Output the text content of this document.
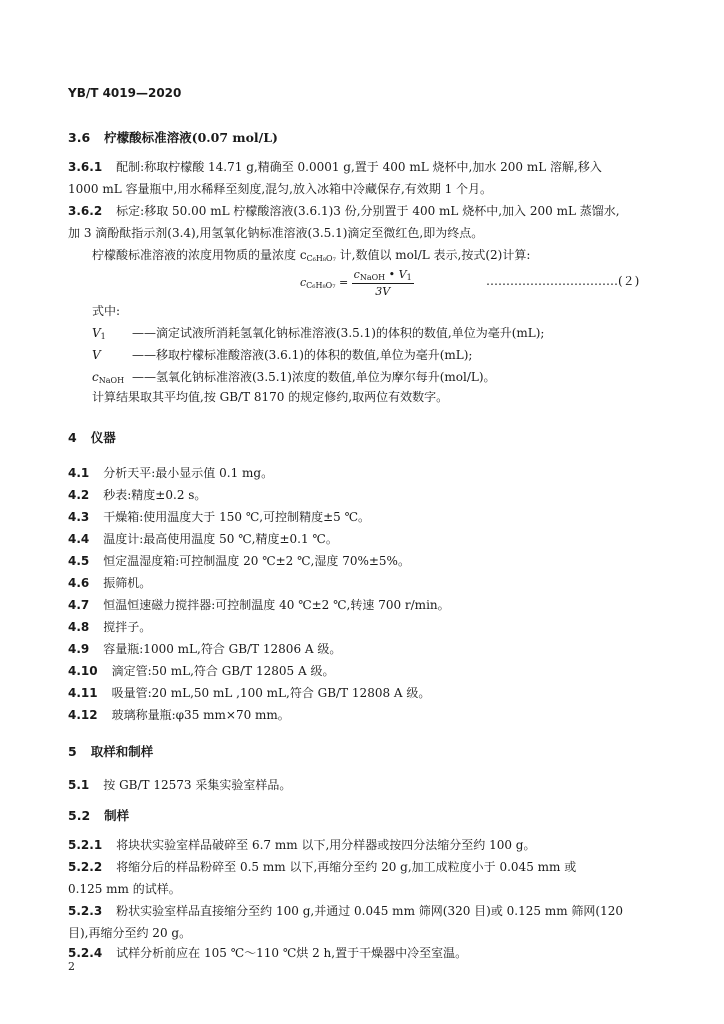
YB/T 4019—2020
3.6 柠檬酸标准溶液(0.07 mol/L)
3.6.1 配制:称取柠檬酸 14.71 g,精确至 0.0001 g,置于 400 mL 烧杯中,加水 200 mL 溶解,移入
1000 mL 容量瓶中,用水稀释至刻度,混匀,放入冰箱中冷藏保存,有效期 1 个月。
3.6.2 标定:移取 50.00 mL 柠檬酸溶液(3.6.1)3 份,分别置于 400 mL 烧杯中,加入 200 mL 蒸馏水,
加 3 滴酚酞指示剂(3.4),用氢氧化钠标准溶液(3.5.1)滴定至微红色,即为终点。
柠檬酸标准溶液的浓度用物质的量浓度 $c_{C_6H_8O_7}$ 计,数值以 mol/L 表示,按式(2)计算:
$c_{C_6H_8O_7} = \frac{c_{NaOH} • V_1}{3V}$	……………………………(２)
式中:
$V_1$ ——滴定试液所消耗氢氧化钠标准溶液(3.5.1)的体积的数值,单位为毫升(mL);
V	——移取柠檬标准酸溶液(3.6.1)的体积的数值,单位为毫升(mL);
$c_{NaOH}$ ——氢氧化钠标准溶液(3.5.1)浓度的数值,单位为摩尔每升(mol/L)。
计算结果取其平均值,按 GB/T 8170 的规定修约,取两位有效数字。
4 仪器
4.1 分析天平:最小显示值 0.1 mg。
4.2 秒表:精度±0.2 s。
4.3 干燥箱:使用温度大于 150 ℃,可控制精度±5 ℃。
4.4 温度计:最高使用温度 50 ℃,精度±0.1 ℃。
4.5 恒定温湿度箱:可控制温度 20 ℃±2 ℃,湿度 70%±5%。
4.6 振筛机。
4.7 恒温恒速磁力搅拌器:可控制温度 40 ℃±2 ℃,转速 700 r/min。
4.8 搅拌子。
4.9 容量瓶:1000 mL,符合 GB/T 12806 A 级。
4.10 滴定管:50 mL,符合 GB/T 12805 A 级。
4.11 吸量管:20 mL,50 mL ,100 mL,符合 GB/T 12808 A 级。
4.12 玻璃称量瓶:φ35 mm×70 mm。
5 取样和制样
5.1 按 GB/T 12573 采集实验室样品。
5.2 制样
5.2.1 将块状实验室样品破碎至 6.7 mm 以下,用分样器或按四分法缩分至约 100 g。
5.2.2 将缩分后的样品粉碎至 0.5 mm 以下,再缩分至约 20 g,加工成粒度小于 0.045 mm 或
0.125 mm 的试样。
5.2.3 粉状实验室样品直接缩分至约 100 g,并通过 0.045 mm 筛网(320 目)或 0.125 mm 筛网(120
目),再缩分至约 20 g。
5.2.4 试样分析前应在 105 ℃～110 ℃烘 2 h,置于干燥器中冷至室温。
2
